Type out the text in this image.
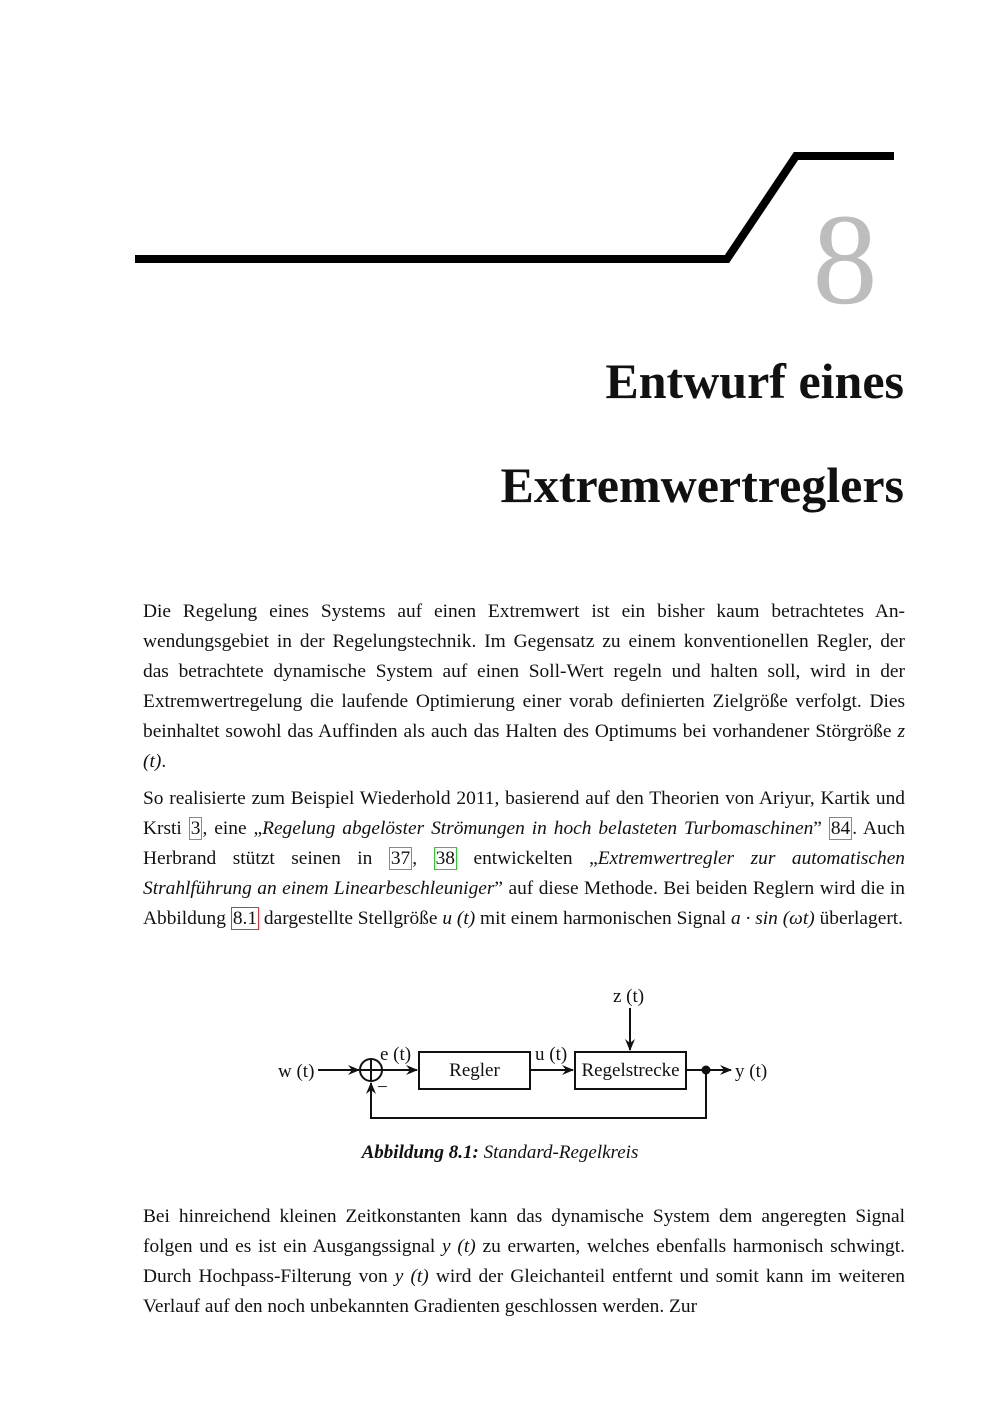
8
Entwurf eines
Extremwertreglers

Die Regelung eines Systems auf einen Extremwert ist ein bisher kaum betrachtetes Anwendungsgebiet in der Regelungstechnik. Im Gegensatz zu einem konventionellen Regler, der das betrachtete dynamische System auf einen Soll-Wert regeln und halten soll, wird in der Extremwertregelung die laufende Optimierung einer vorab definierten Zielgröße verfolgt. Dies beinhaltet sowohl das Auffinden als auch das Halten des Optimums bei vorhandener Störgröße z (t).

So realisierte zum Beispiel Wiederhold 2011, basierend auf den Theorien von Ariyur, Kartik und Krsti 3 , eine „Regelung abgelöster Strömungen in hoch belasteten Turbomaschinen” 84 . Auch Herbrand stützt seinen in 37 , 38 entwickelten „Extremwertregler zur automatischen Strahlführung an einem Linearbeschleuniger” auf diese Methode. Bei beiden Reglern wird die in Abbildung 8.1 dargestellte Stellgröße u (t) mit einem harmonischen Signal a · sin (ωt) überlagert.

w (t)
−
e (t)
Regler
u (t)
z (t)
Regelstrecke	y (t)
Abbildung 8.1: Standard-Regelkreis

Bei hinreichend kleinen Zeitkonstanten kann das dynamische System dem angeregten Signal folgen und es ist ein Ausgangssignal y (t) zu erwarten, welches ebenfalls harmonisch schwingt. Durch Hochpass-Filterung von y (t) wird der Gleichanteil entfernt und somit kann im weiteren Verlauf auf den noch unbekannten Gradienten geschlossen werden. Zur
